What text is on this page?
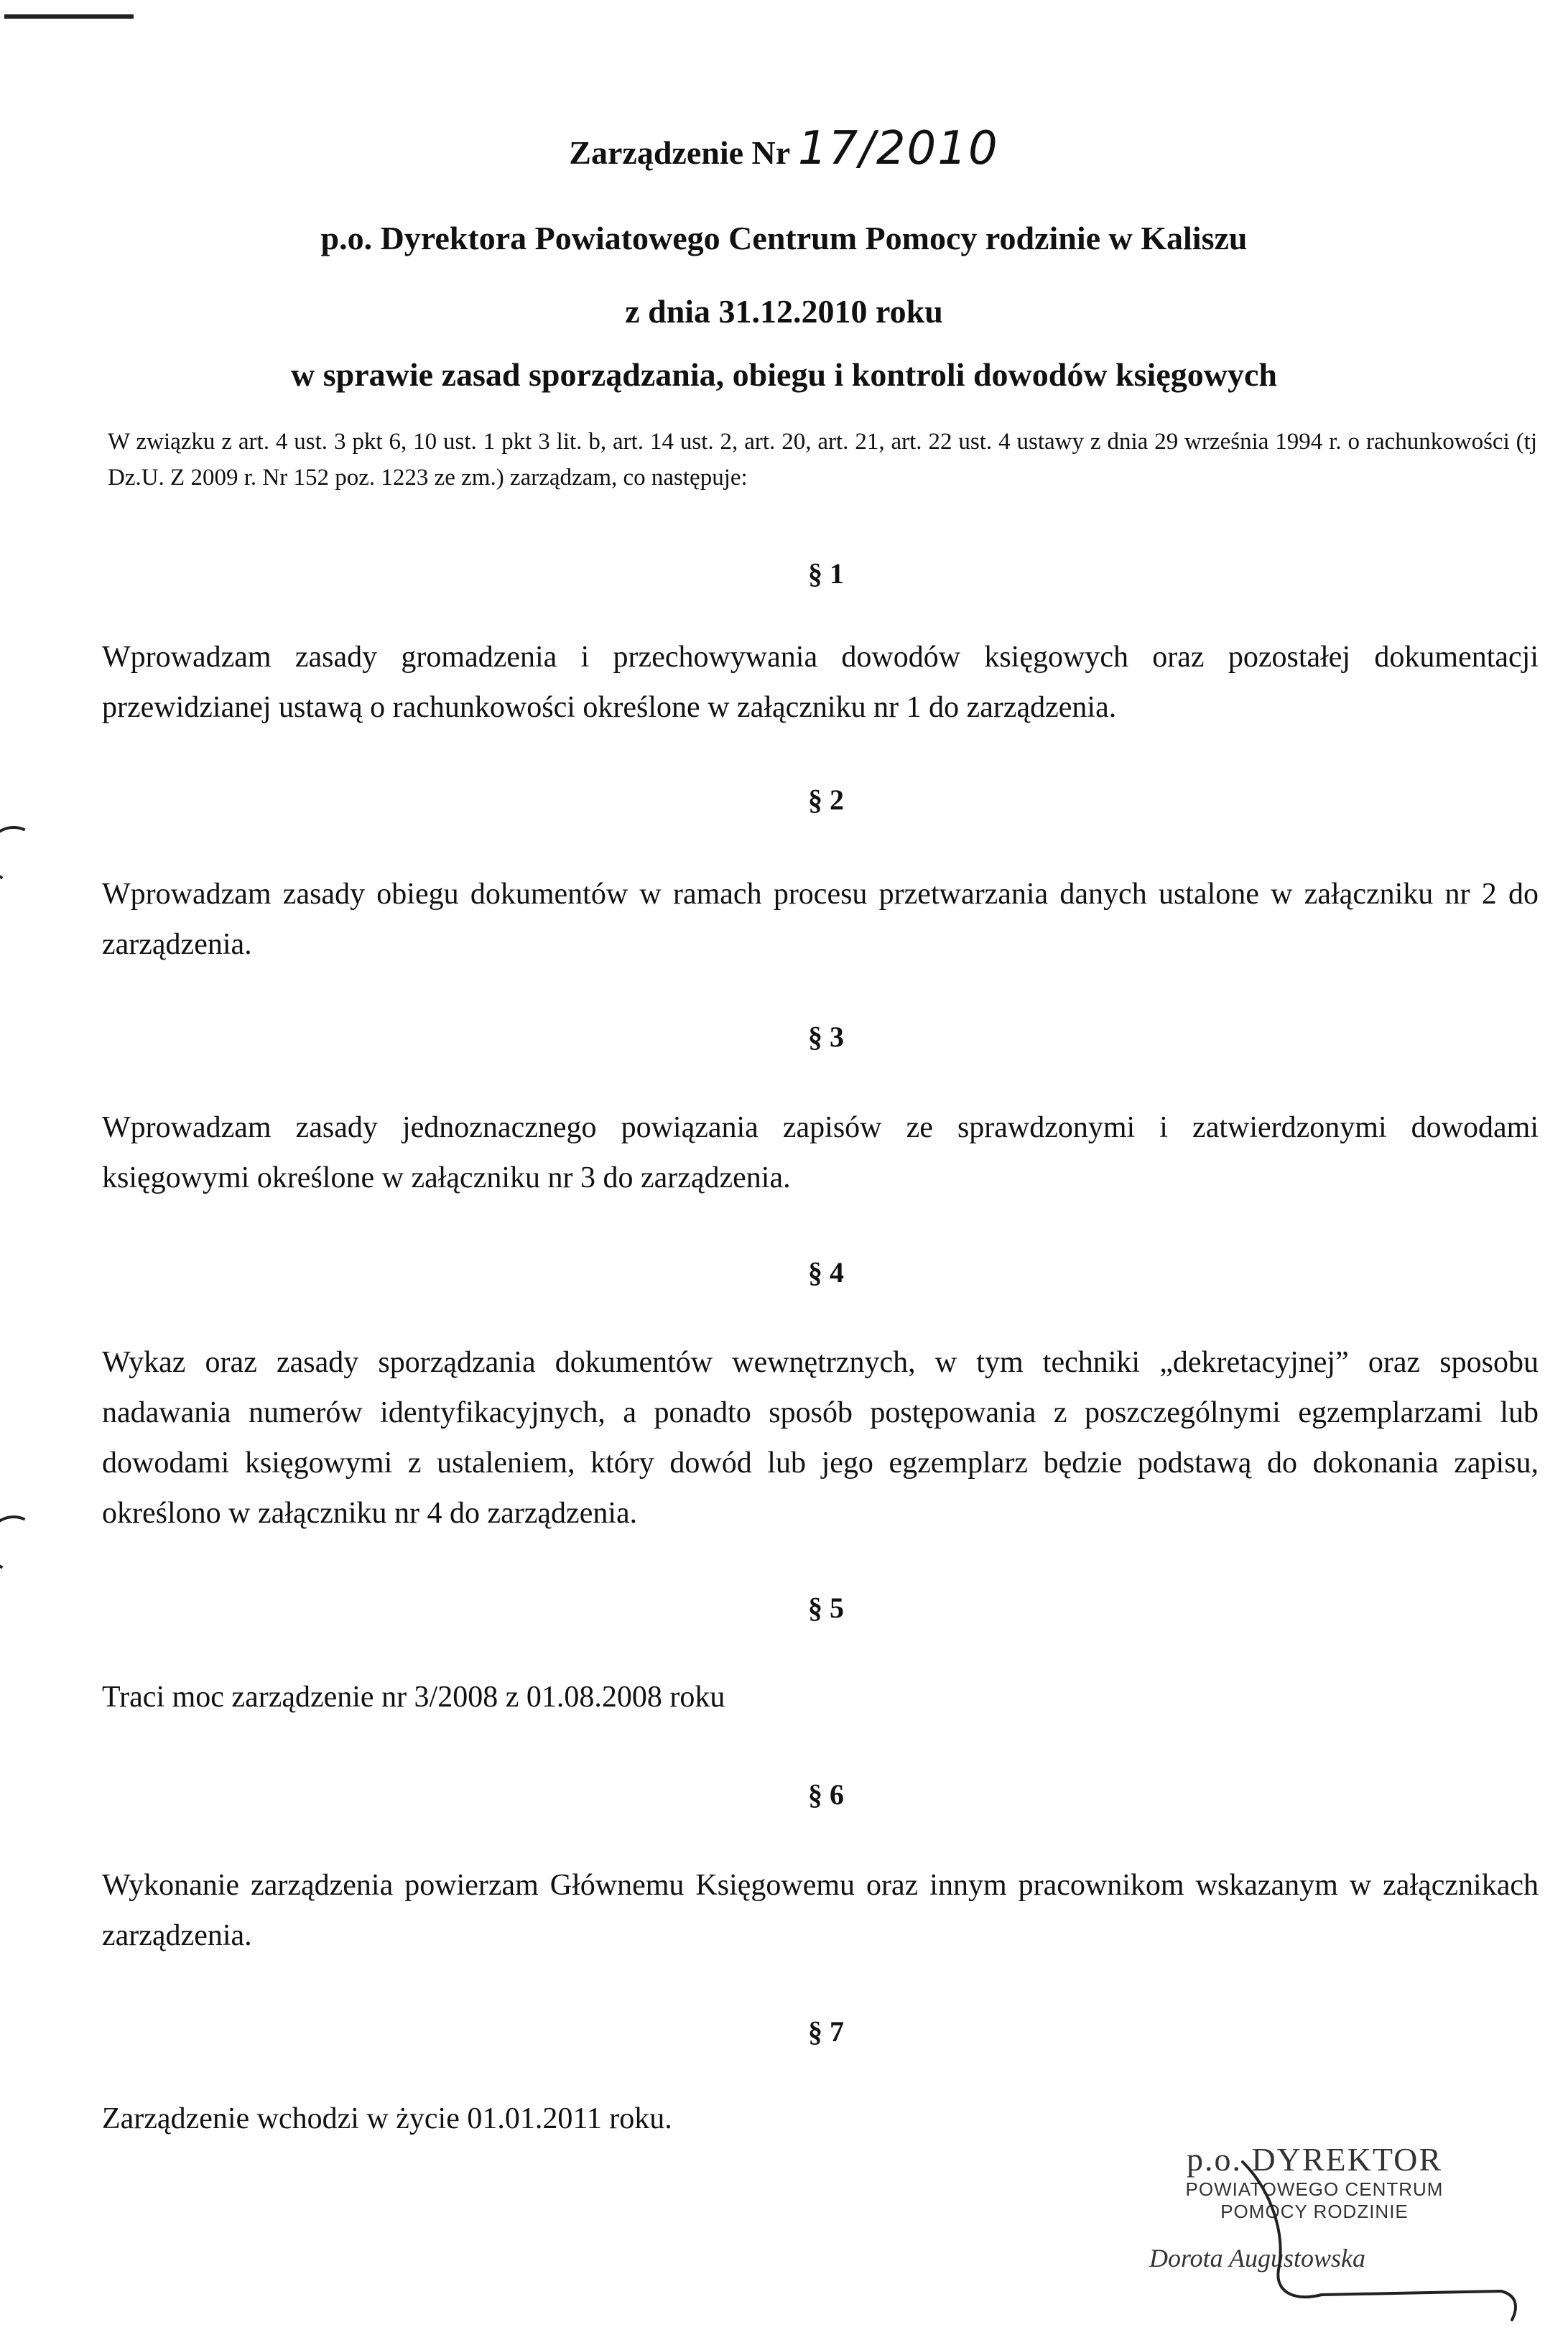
Zarządzenie Nr 17/2010
p.o. Dyrektora Powiatowego Centrum Pomocy rodzinie w Kaliszu
z dnia 31.12.2010 roku
w sprawie zasad sporządzania, obiegu i kontroli dowodów księgowych
W związku z art. 4 ust. 3 pkt 6, 10 ust. 1 pkt 3 lit. b, art. 14 ust. 2, art. 20, art. 21, art. 22 ust. 4 ustawy z dnia 29 września 1994 r. o rachunkowości (tj Dz.U. Z 2009 r. Nr 152 poz. 1223 ze zm.) zarządzam, co następuje:
§ 1
Wprowadzam zasady gromadzenia i przechowywania dowodów księgowych oraz pozostałej dokumentacji przewidzianej ustawą o rachunkowości określone w załączniku nr 1 do zarządzenia.
§ 2
Wprowadzam zasady obiegu dokumentów w ramach procesu przetwarzania danych ustalone w załączniku nr 2 do zarządzenia.
§ 3
Wprowadzam zasady jednoznacznego powiązania zapisów ze sprawdzonymi i zatwierdzonymi dowodami księgowymi określone w załączniku nr 3 do zarządzenia.
§ 4
Wykaz oraz zasady sporządzania dokumentów wewnętrznych, w tym techniki „dekretacyjnej” oraz sposobu nadawania numerów identyfikacyjnych, a ponadto sposób postępowania z poszczególnymi egzemplarzami lub dowodami księgowymi z ustaleniem, który dowód lub jego egzemplarz będzie podstawą do dokonania zapisu, określono w załączniku nr 4 do zarządzenia.
§ 5
Traci moc zarządzenie nr 3/2008 z 01.08.2008 roku
§ 6
Wykonanie zarządzenia powierzam Głównemu Księgowemu oraz innym pracownikom wskazanym w załącznikach zarządzenia.
§ 7
Zarządzenie wchodzi w życie 01.01.2011 roku.
p.o. DYREKTOR
POWIATOWEGO CENTRUM
POMOCY RODZINIE
Dorota Augustowska
